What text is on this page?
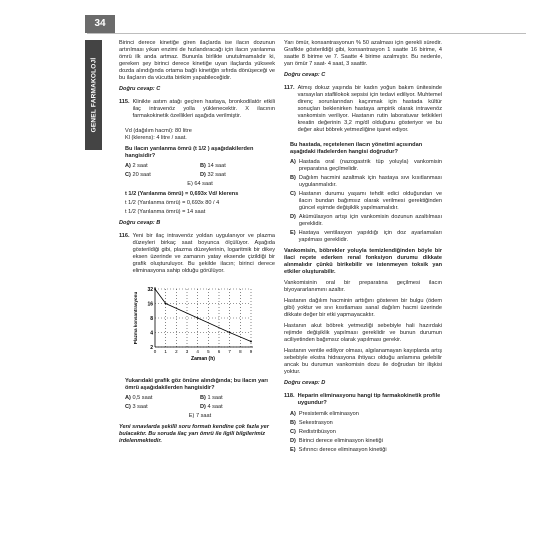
34
GENEL FARMAKOLOJİ

Birinci derece kinetiğe giren ilaçlarda ise ilacın dozunun artırılması yıkan enzimi de hızlandıracağı için ilacın yarılanma ömrü ilk anda artmaz. Bununla birlikte unutulmamalıdır ki, gereken şey birinci derece kinetiğe uyan ilaçlarda yükseek dozda alındığında ortama bağlı kinetiğin sıfırda dönüşeceği ve bu ilaçların da vücutta birikim yapabileceğidir.

Doğru cevap: C
115. Klinikte astım atağı geçiren hastaya, bronkodilatör etkili ilaç intravenöz yolla yüklenecektir. X ilacının farmakokinetik özellikleri aşağıda verilmiştir.
Vd (dağılım hacmi): 80 litre
Kl (klerens): 4 litre / saat.
Bu ilacın yarılanma ömrü (t 1/2 ) aşağıdakilerden hangisidir?
A) 2 saat	B) 14 saat
C) 20 saat	D) 32 saat
E) 64 saat
t 1/2 (Yarılanma ömrü) = 0,693x Vd/ klerens
t 1/2 (Yarılanma ömrü) = 0,693x 80 / 4
t 1/2 (Yarılanma ömrü) = 14 saat
Doğru cevap: B
116. Yeni bir ilaç intravenöz yoldan uygulanıyor ve plazma düzeyleri birkaç saat boyunca ölçülüyor. Aşağıda gösterildiği gibi, plazma düzeylerinin, logaritmik bir dikey eksen üzerinde ve zamanın yatay eksende çizildiği bir grafik oluşturuluyor. Bu şekilde ilacın; birinci derece eliminasyona sahip olduğu görülüyor.
32
16
8
4
2
0 1 2 3 4 5 6 7 8 9
Plazma konsantrasyonu
Zaman (h)
Yukarıdaki grafik göz önüne alındığında; bu ilacın yarı ömrü aşağıdakilerden hangisidir?
A) 0,5 saat	B) 1 saat
C) 3 saat	D) 4 saat
E) 7 saat
Yeni sınavlarda şekilli soru formatı kendine çok fazla yer bulacaktır. Bu soruda ilaç yarı ömrü ile ilgili bilgilerimiz irdelenmektedir.

Yarı ömür, konsantrasyonun % 50 azalması için gerekli süredir. Grafikte gösterildiği gibi, konsantrasyon 1 saatte 16 birime, 4 saatte 8 birime ve 7. Saatte 4 birime azalmıştır. Bu nedenle, yarı ömür 7 saat- 4 saat, 3 saattir.

Doğru cevap: C
117. Atmış dokuz yaşında bir kadın yoğun bakım ünitesinde varsayılan staflilokok sepsisi için tedavi ediliyor. Muhtemel direnç sorunlarından kaçınmak için hastada kültür sonuçları beklenirken hastaya ampirik olarak intravenöz vankomisin veriliyor. Hastanın rutin laboratuvar tetkikleri kreatin değerinin 3,2 mg/dl olduğunu gösteriyor ve bu değer akut böbrek yetmezliğine işaret ediyor.
Bu hastada, reçetelenen ilacın yönetimi açısından aşağıdaki ifadelerden hangisi doğrudur?
A) Hastada oral (nazogastrik tüp yoluyla) vankomisin preparatına geçilmelidir.
B) Dağılım hacmini azaltmak için hastaya sıvı kısıtlanması uygulanmalıdır.
C) Hastanın durumu yaşamı tehdit edici olduğundan ve ilacın bundan bağımsız olarak verilmesi gerektiğinden güncel eşimde değişiklik yapılmamalıdır.
D) Akümülasyon artışı için vankomisin dozunun azaltılması gereklidir.
E) Hastaya ventilasyon yapıldığı için doz ayarlamaları yapılması gereklidir.

Vankomisin, böbrekler yoluyla temizlendiğinden böyle bir ilaci reçete ederken renal fonksiyon durumu dikkate alınmalıdır çünkü birikebilir ve istenmeyen toksik yan etkiler oluşturabilir.

Vankomisinin oral bir preparatına geçilmesi ilacın biyoyararlanımını azaltır.

Hastanın dağılım hacminin arttığını gösteren bir bulgu (ödem gibi) yoktur ve sıvı kısıtlaması sanal dağılım hacmi üzerinde dikkate değer bir etki yapmayacaktır.

Hastanın akut böbrek yetmezliği sebebiyle hali hazırdaki rejimde değişiklik yapılması gereklidir ve bunun durumun aciliyetinden bağımsız olarak yapılması gerekir.

Hastanın ventile ediliyor olması, algılanamayan kayıplarda artış sebebiyle ekstra hidrasyona ihtiyacı olduğu anlamına gelebilir ancak bu durumun vankomisin dozu ile doğrudan bir ilişkisi yoktur.

Doğru cevap: D
118. Heparin eliminasyonu hangi tip farmakokinetik profile uygundur?
A) Presistemik eliminasyon
B) Sekestrasyon
C) Redistribüsyon
D) Birinci derece eliminasyon kinetiği
E) Sıfırıncı derece eliminasyon kinetiği
